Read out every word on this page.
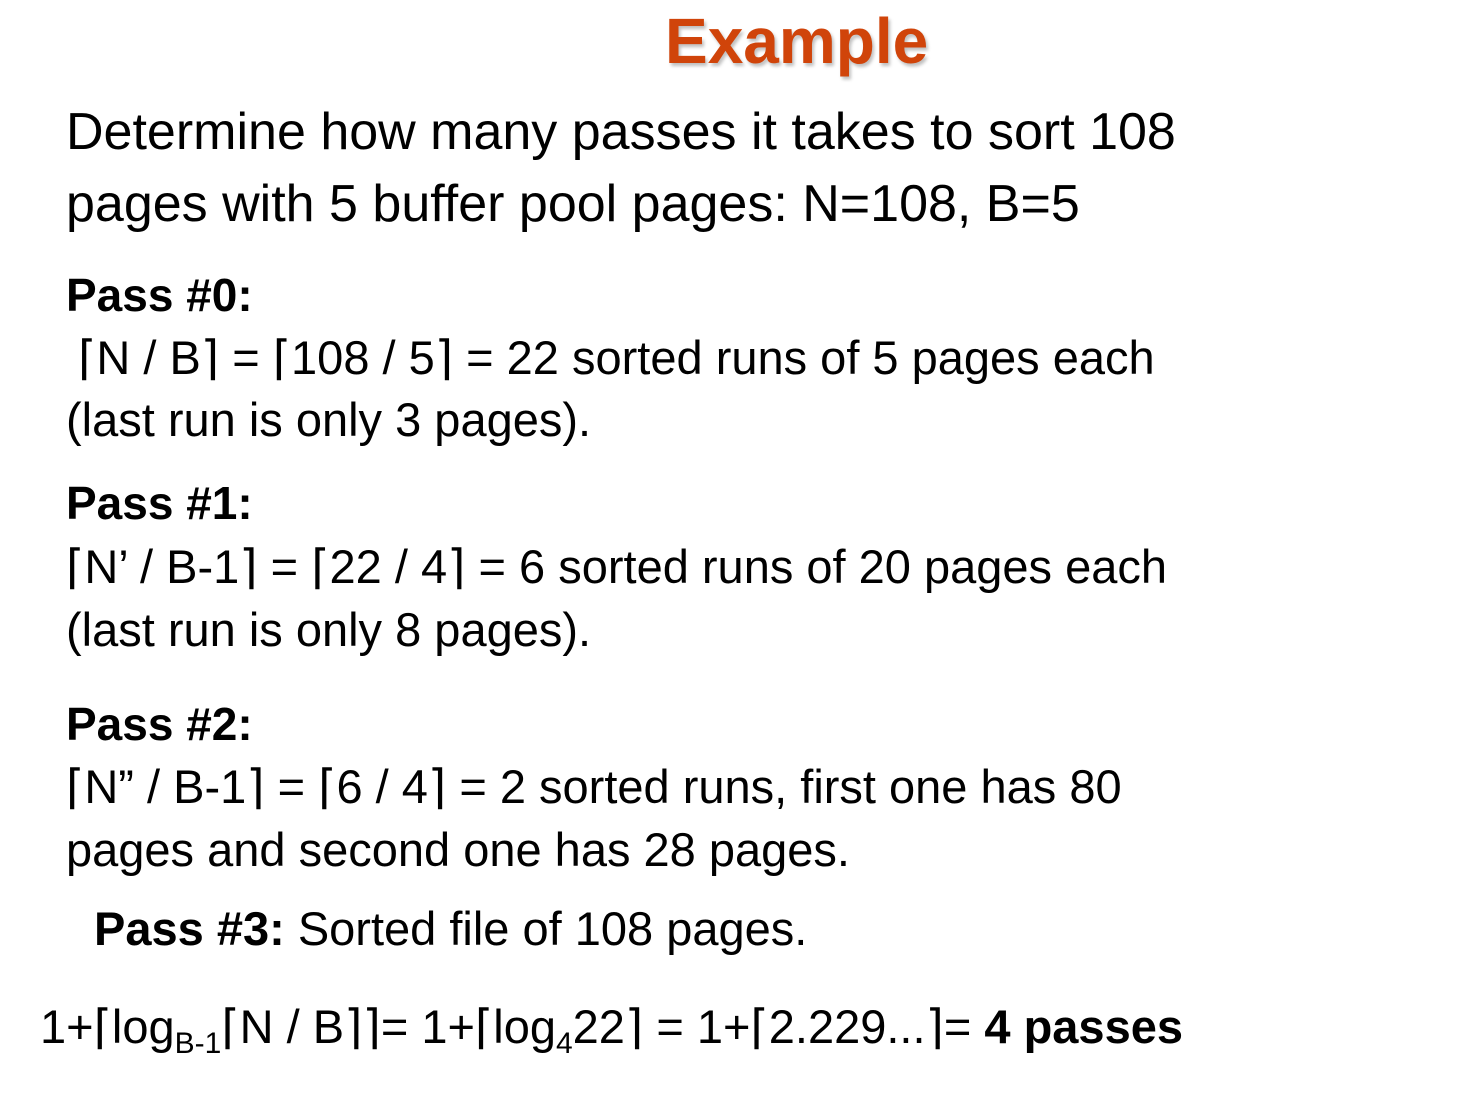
Example
Determine how many passes it takes to sort 108
pages with 5 buffer pool pages: N=108, B=5
Pass #0:
⌈N / B⌉ = ⌈108 / 5⌉ = 22 sorted runs of 5 pages each
(last run is only 3 pages).
Pass #1:
⌈N’ / B-1⌉ = ⌈22 / 4⌉ = 6 sorted runs of 20 pages each
(last run is only 8 pages).
Pass #2:
⌈N” / B-1⌉ = ⌈6 / 4⌉ = 2 sorted runs, first one has 80
pages and second one has 28 pages.
Pass #3: Sorted file of 108 pages.
$1+⌈\log_{B-1}⌈N$ / B⌉⌉= $1+⌈\log_422⌉$ = 1+⌈2.229...⌉= 4 passes
